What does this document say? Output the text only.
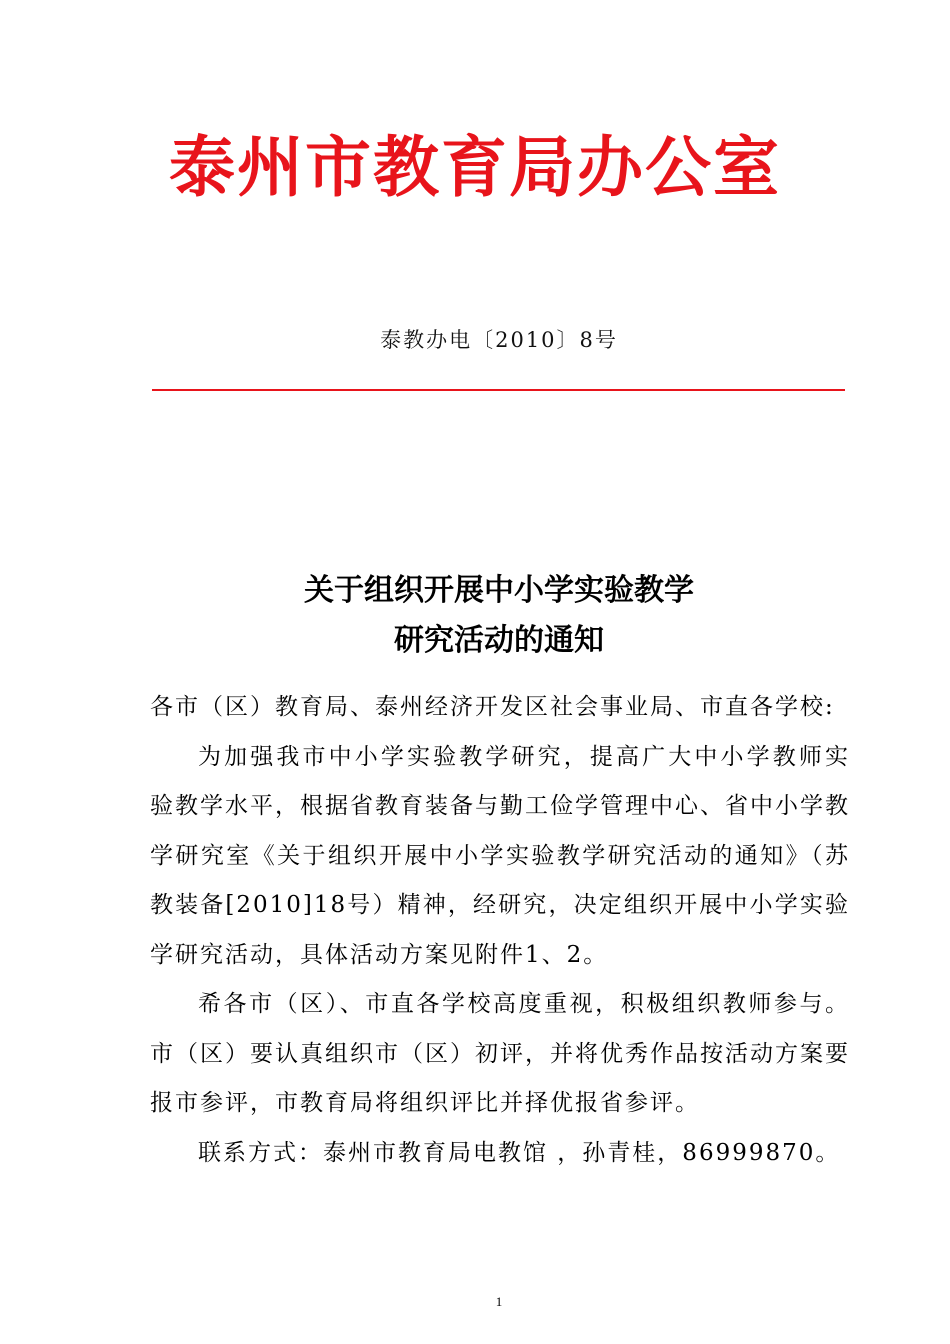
泰州市教育局办公室
泰教办电〔2010〕8号
关于组织开展中小学实验教学
研究活动的通知
各市（区）教育局、泰州经济开发区社会事业局、市直各学校:
为加强我市中小学实验教学研究，提高广大中小学教师实
验教学水平，根据省教育装备与勤工俭学管理中心、省中小学教
学研究室《关于组织开展中小学实验教学研究活动的通知》（苏
教装备[2010]18号）精神，经研究，决定组织开展中小学实验
学研究活动，具体活动方案见附件1、2。
希各市（区）、市直各学校高度重视，积极组织教师参与。
市（区）要认真组织市（区）初评，并将优秀作品按活动方案要
报市参评，市教育局将组织评比并择优报省参评。
联系方式：泰州市教育局电教馆 ，孙青桂，86999870。
1
